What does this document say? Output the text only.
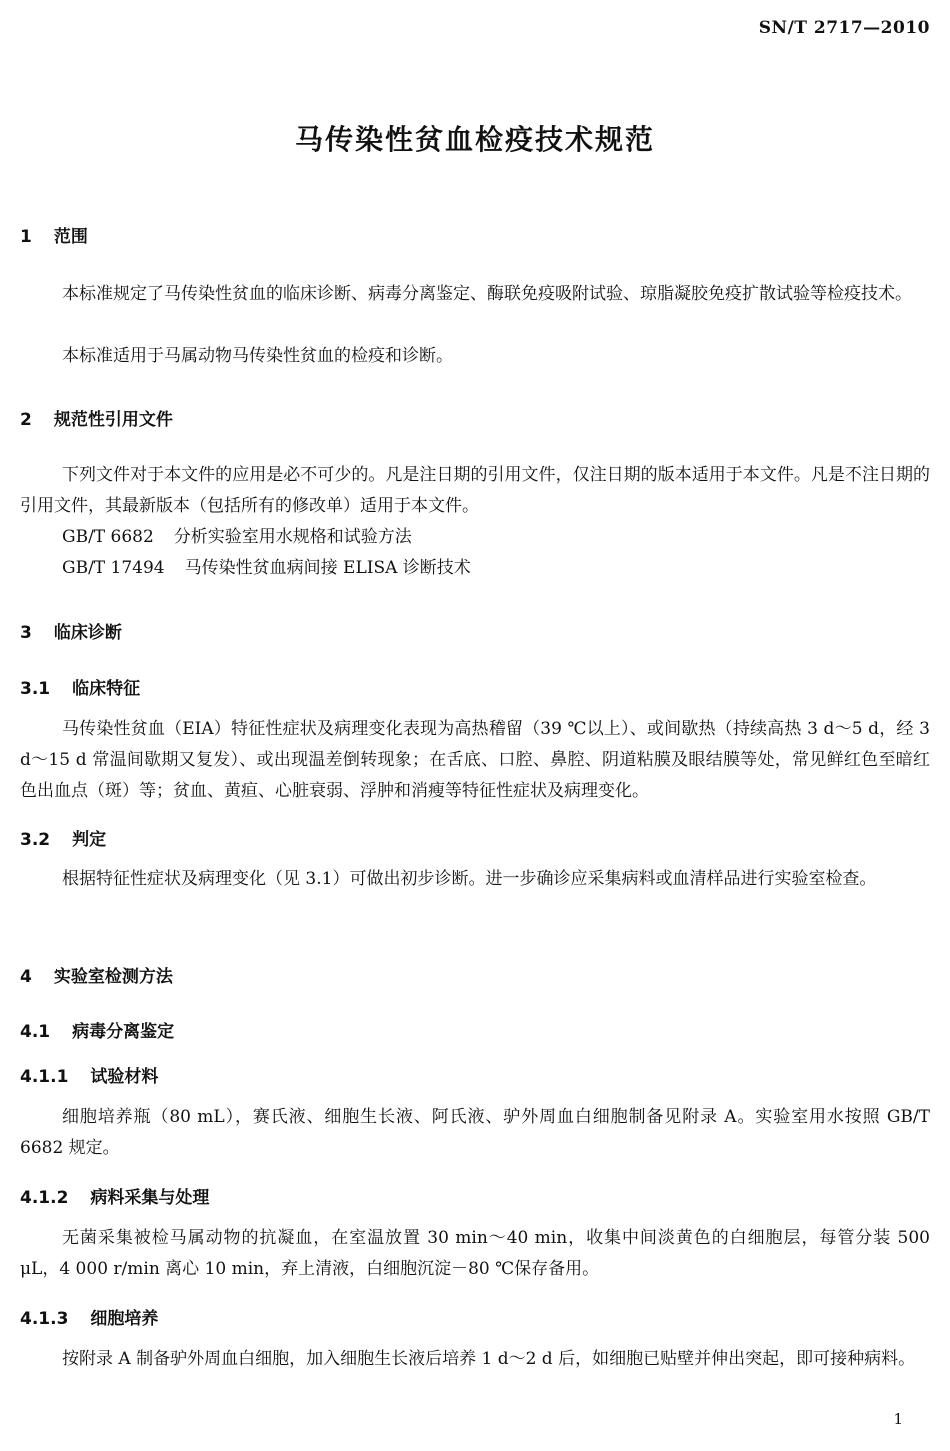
SN/T 2717—2010
马传染性贫血检疫技术规范
1 范围
本标准规定了马传染性贫血的临床诊断、病毒分离鉴定、酶联免疫吸附试验、琼脂凝胶免疫扩散试验等检疫技术。
本标准适用于马属动物马传染性贫血的检疫和诊断。
2 规范性引用文件
下列文件对于本文件的应用是必不可少的。凡是注日期的引用文件，仅注日期的版本适用于本文件。凡是不注日期的引用文件，其最新版本（包括所有的修改单）适用于本文件。
GB/T 6682 分析实验室用水规格和试验方法
GB/T 17494 马传染性贫血病间接 ELISA 诊断技术
3 临床诊断
3.1 临床特征
马传染性贫血（EIA）特征性症状及病理变化表现为高热稽留（39 ℃以上）、或间歇热（持续高热 3 d～5 d，经 3 d～15 d 常温间歇期又复发）、或出现温差倒转现象；在舌底、口腔、鼻腔、阴道粘膜及眼结膜等处，常见鲜红色至暗红色出血点（斑）等；贫血、黄疸、心脏衰弱、浮肿和消瘦等特征性症状及病理变化。
3.2 判定
根据特征性症状及病理变化（见 3.1）可做出初步诊断。进一步确诊应采集病料或血清样品进行实验室检查。
4 实验室检测方法
4.1 病毒分离鉴定
4.1.1 试验材料
细胞培养瓶（80 mL），赛氏液、细胞生长液、阿氏液、驴外周血白细胞制备见附录 A。实验室用水按照 GB/T 6682 规定。
4.1.2 病料采集与处理
无菌采集被检马属动物的抗凝血，在室温放置 30 min～40 min，收集中间淡黄色的白细胞层，每管分装 500 μL，4 000 r/min 离心 10 min，弃上清液，白细胞沉淀－80 ℃保存备用。
4.1.3 细胞培养
按附录 A 制备驴外周血白细胞，加入细胞生长液后培养 1 d～2 d 后，如细胞已贴壁并伸出突起，即可接种病料。
1
